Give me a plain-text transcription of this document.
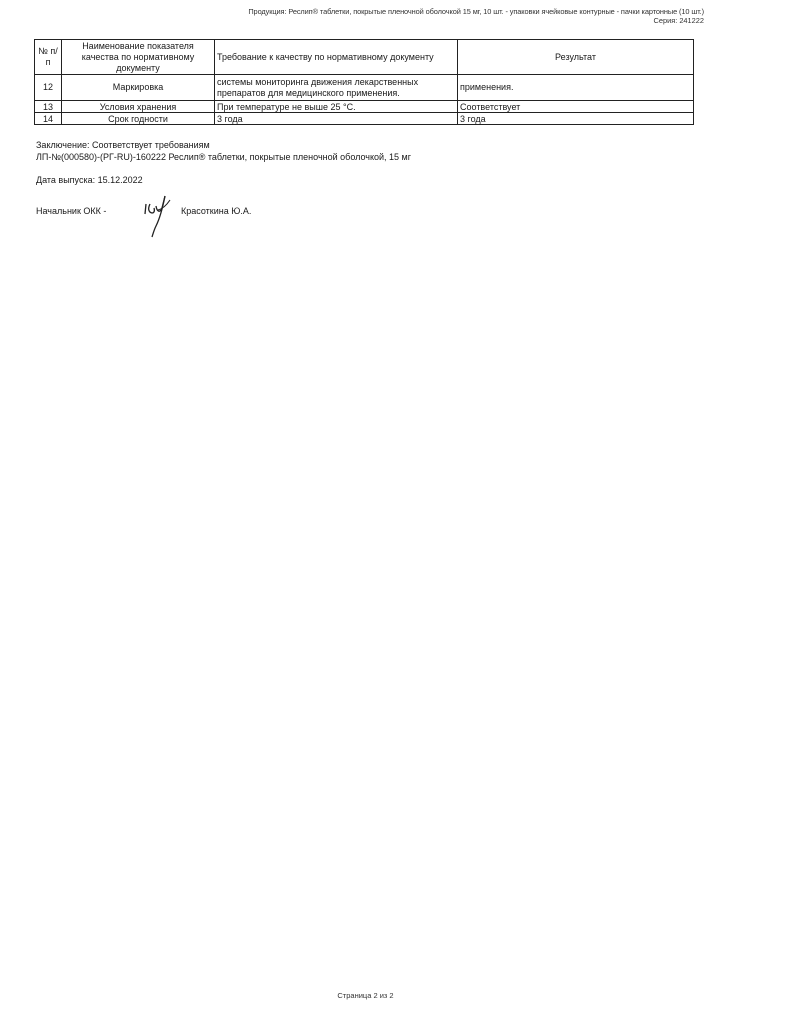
Продукция: Реслип® таблетки, покрытые пленочной оболочкой 15 мг, 10 шт. - упаковки ячейковые контурные - пачки картонные (10 шт.)
Серия: 241222
№ п/п	Наименование показателя качества по нормативному документу	Требование к качеству по нормативному документу	Результат
12	Маркировка	системы мониторинга движения лекарственных препаратов для медицинского применения.	применения.
13	Условия хранения	При температуре не выше 25 °С.	Соответствует
14	Срок годности	3 года	3 года
Заключение: Соответствует требованиям
ЛП-№(000580)-(РГ-RU)-160222 Реслип® таблетки, покрытые пленочной оболочкой, 15 мг
Дата выпуска: 15.12.2022
Начальник ОКК -	Красоткина Ю.А.
Страница 2 из 2
